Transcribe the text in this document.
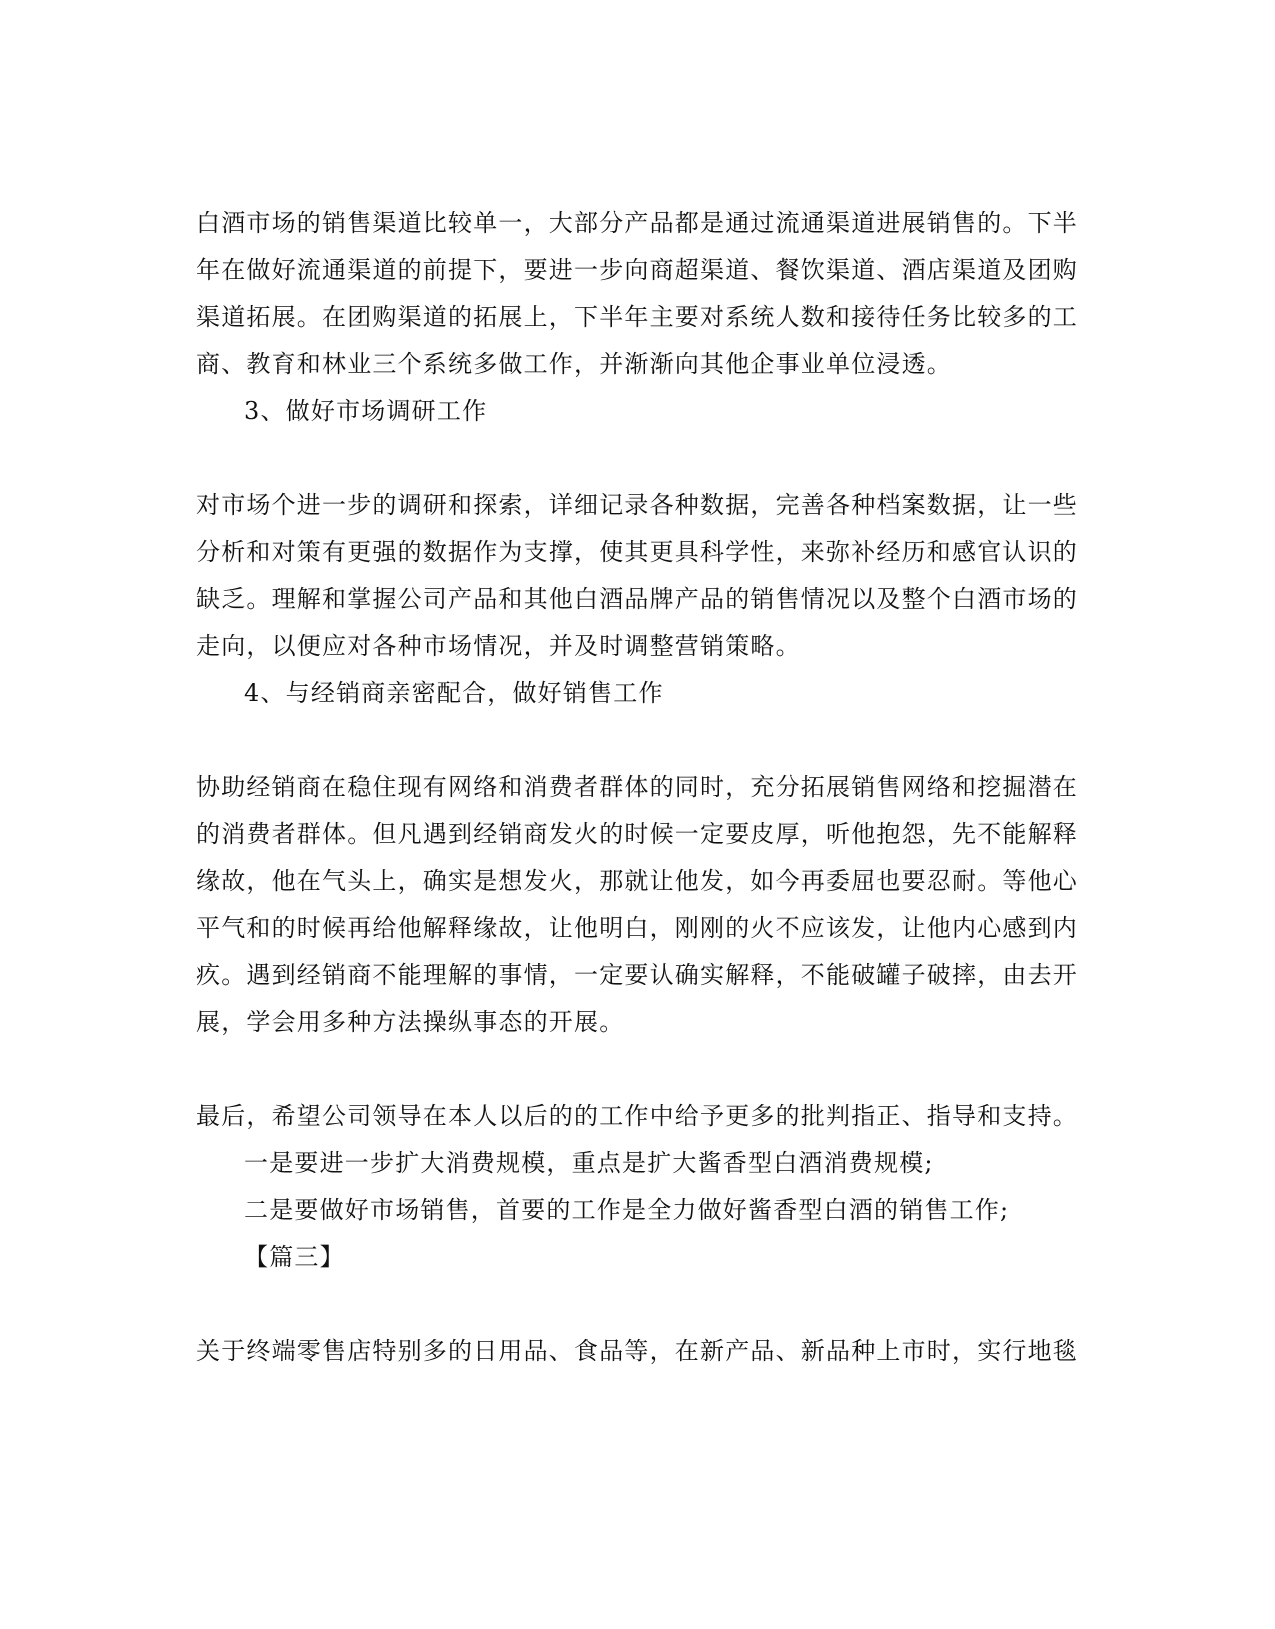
白酒市场的销售渠道比较单一，大部分产品都是通过流通渠道进展销售的。下半
年在做好流通渠道的前提下，要进一步向商超渠道、餐饮渠道、酒店渠道及团购
渠道拓展。在团购渠道的拓展上，下半年主要对系统人数和接待任务比较多的工
商、教育和林业三个系统多做工作，并渐渐向其他企事业单位浸透。
3、做好市场调研工作
对市场个进一步的调研和探索，详细记录各种数据，完善各种档案数据，让一些
分析和对策有更强的数据作为支撑，使其更具科学性，来弥补经历和感官认识的
缺乏。理解和掌握公司产品和其他白酒品牌产品的销售情况以及整个白酒市场的
走向，以便应对各种市场情况，并及时调整营销策略。
4、与经销商亲密配合，做好销售工作
协助经销商在稳住现有网络和消费者群体的同时，充分拓展销售网络和挖掘潜在
的消费者群体。但凡遇到经销商发火的时候一定要皮厚，听他抱怨，先不能解释
缘故，他在气头上，确实是想发火，那就让他发，如今再委屈也要忍耐。等他心
平气和的时候再给他解释缘故，让他明白，刚刚的火不应该发，让他内心感到内
疚。遇到经销商不能理解的事情，一定要认确实解释，不能破罐子破摔，由去开
展，学会用多种方法操纵事态的开展。
最后，希望公司领导在本人以后的的工作中给予更多的批判指正、指导和支持。
一是要进一步扩大消费规模，重点是扩大酱香型白酒消费规模;
二是要做好市场销售，首要的工作是全力做好酱香型白酒的销售工作;
【篇三】
关于终端零售店特别多的日用品、食品等，在新产品、新品种上市时，实行地毯
